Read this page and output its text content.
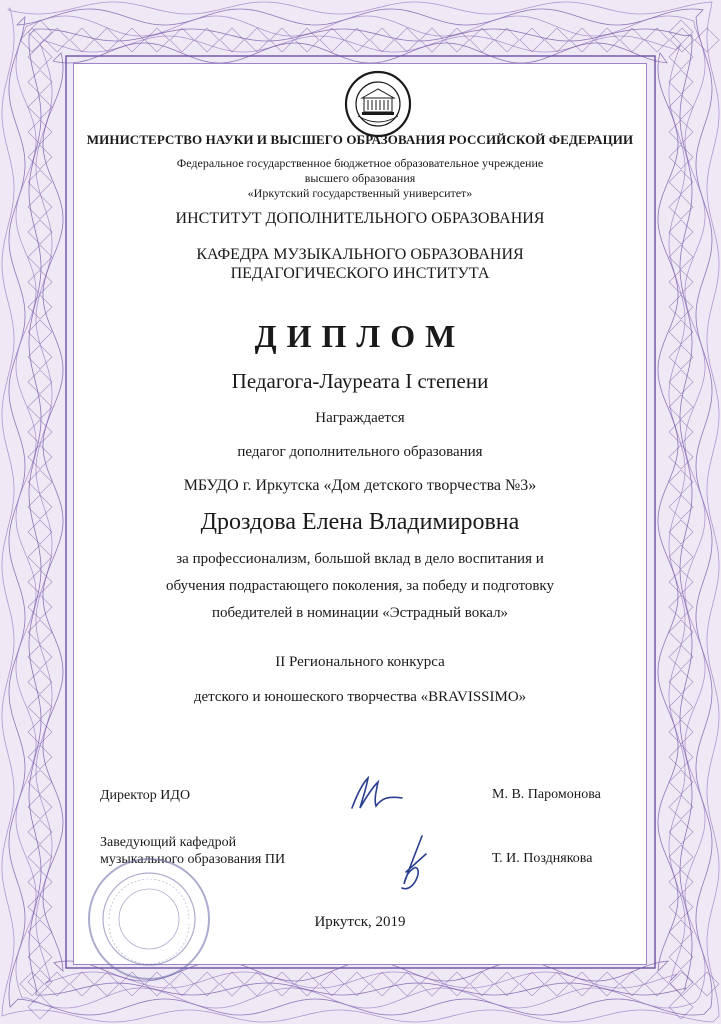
МИНИСТЕРСТВО НАУКИ И ВЫСШЕГО ОБРАЗОВАНИЯ РОССИЙСКОЙ ФЕДЕРАЦИИ
Федеральное государственное бюджетное образовательное учреждение
высшего образования
«Иркутский государственный университет»
ИНСТИТУТ ДОПОЛНИТЕЛЬНОГО ОБРАЗОВАНИЯ
КАФЕДРА МУЗЫКАЛЬНОГО ОБРАЗОВАНИЯ
ПЕДАГОГИЧЕСКОГО ИНСТИТУТА
ДИПЛОМ
Педагога-Лауреата I степени
Награждается
педагог дополнительного образования
МБУДО г. Иркутска «Дом детского творчества №3»
Дроздова Елена Владимировна
за профессионализм, большой вклад в дело воспитания и
обучения подрастающего поколения, за победу и подготовку
победителей в номинации «Эстрадный вокал»
II Регионального конкурса
детского и юношеского творчества «BRAVISSIMO»
Директор ИДО	М. В. Паромонова
Заведующий кафедрой
музыкального образования ПИ	Т. И. Позднякова
Иркутск, 2019
